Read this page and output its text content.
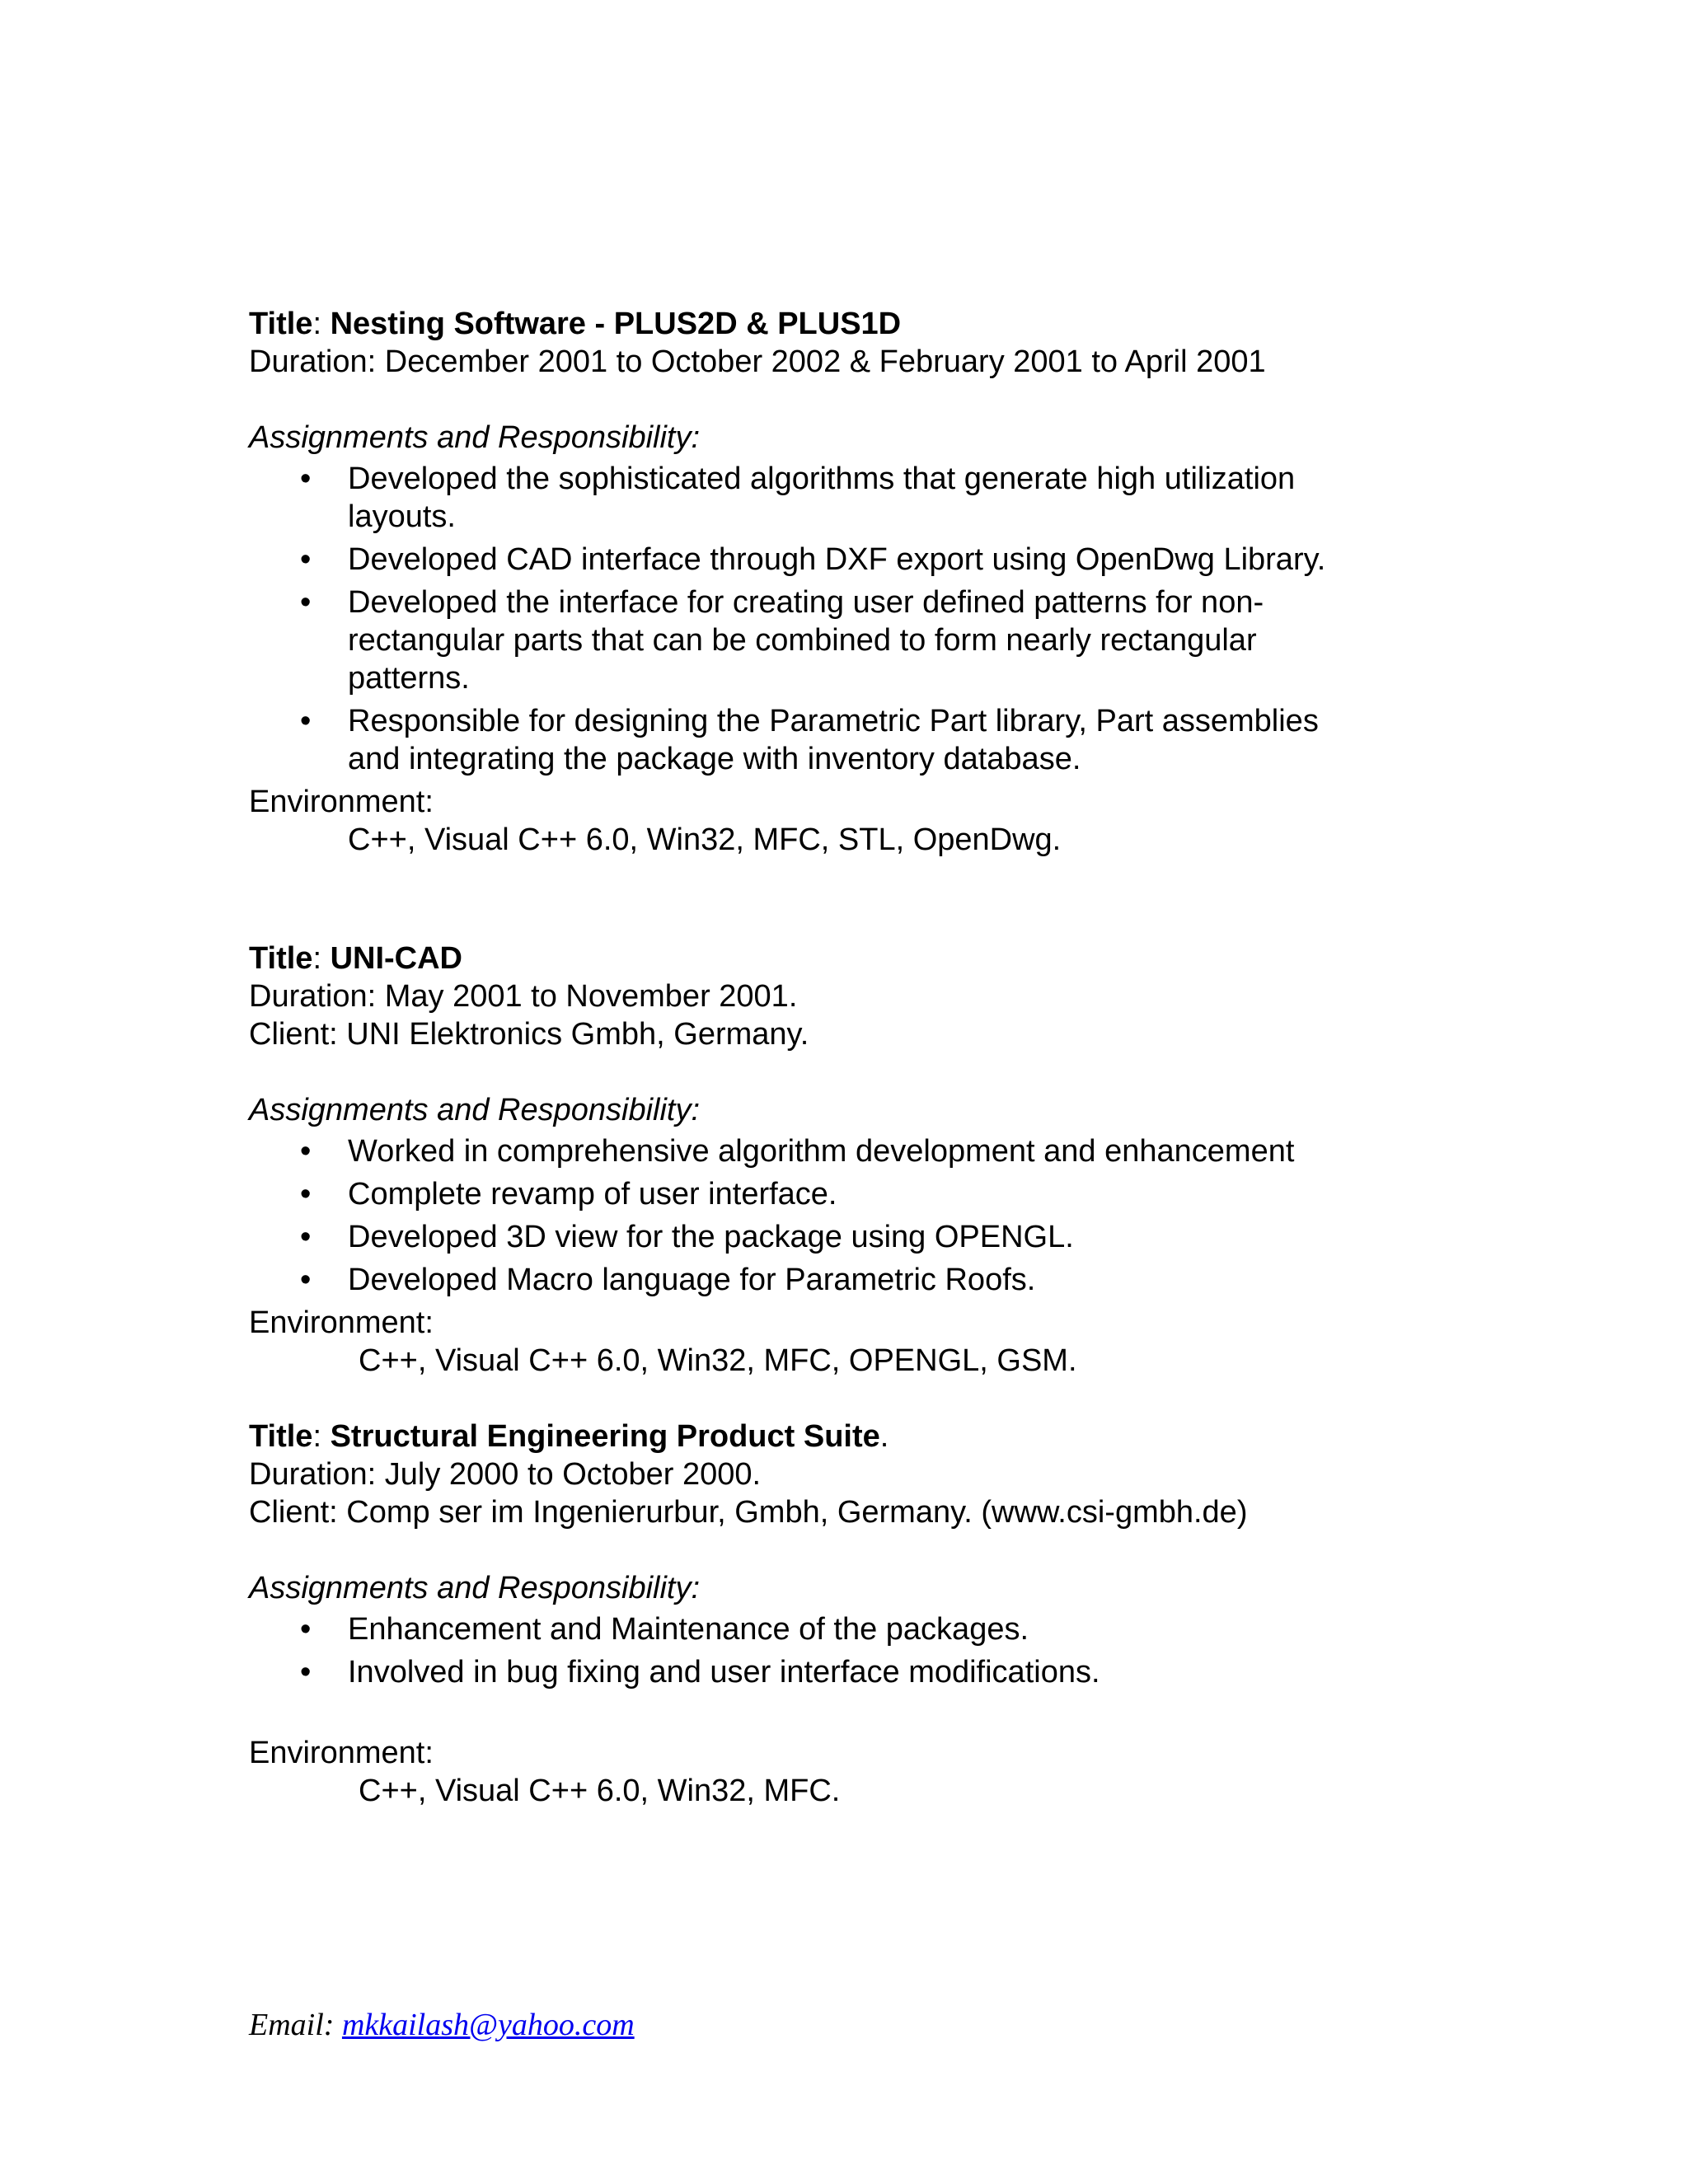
Title: Nesting Software - PLUS2D & PLUS1D

Duration: December 2001 to October 2002 & February 2001 to April 2001

Assignments and Responsibility:

• Developed the sophisticated algorithms that generate high utilization layouts.
• Developed CAD interface through DXF export using OpenDwg Library.
• Developed the interface for creating user defined patterns for non-rectangular parts that can be combined to form nearly rectangular patterns.
• Responsible for designing the Parametric Part library, Part assemblies and integrating the package with inventory database.

Environment:

C++, Visual C++ 6.0, Win32, MFC, STL, OpenDwg.

Title: UNI-CAD

Duration: May 2001 to November 2001.

Client: UNI Elektronics Gmbh, Germany.

Assignments and Responsibility:

• Worked in comprehensive algorithm development and enhancement
• Complete revamp of user interface.
• Developed 3D view for the package using OPENGL.
• Developed Macro language for Parametric Roofs.

Environment:

C++, Visual C++ 6.0, Win32, MFC, OPENGL, GSM.

Title: Structural Engineering Product Suite.

Duration: July 2000 to October 2000.

Client: Comp ser im Ingenierurbur, Gmbh, Germany. (www.csi-gmbh.de)

Assignments and Responsibility:

• Enhancement and Maintenance of the packages.
• Involved in bug fixing and user interface modifications.

Environment:

C++, Visual C++ 6.0, Win32, MFC.

Email: mkkailash@yahoo.com
